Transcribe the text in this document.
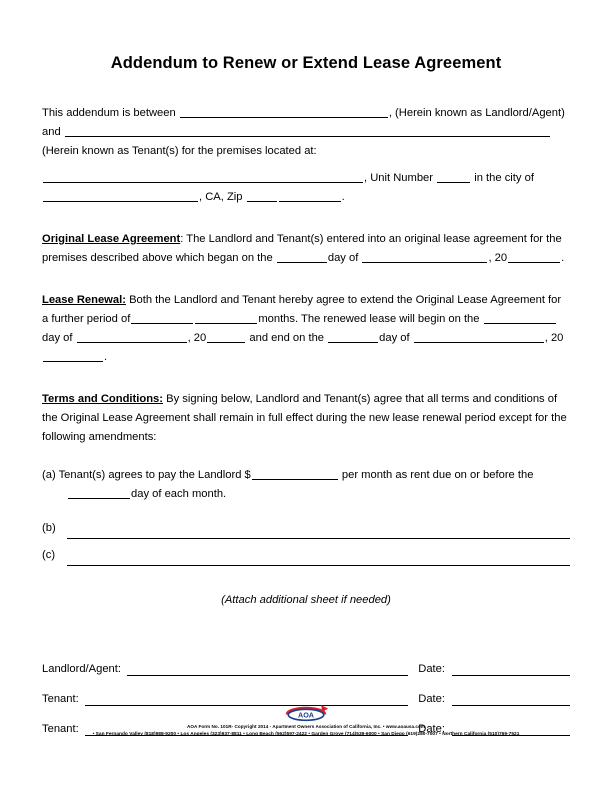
Addendum to Renew or Extend Lease Agreement

This addendum is between	, (Herein known as Landlord/Agent)

and

(Herein known as Tenant(s) for the premises located at:

, Unit Number	in the city of

, CA, Zip	.

Original Lease Agreement: The Landlord and Tenant(s) entered into an original lease agreement for the premises described above which began on the	day of	, 20	.

Lease Renewal: Both the Landlord and Tenant hereby agree to extend the Original Lease Agreement for a further period of	months. The renewed lease will begin on the  day of	, 20	and end on the	day of	, 20.

Terms and Conditions: By signing below, Landlord and Tenant(s) agree that all terms and conditions of the Original Lease Agreement shall remain in full effect during the new lease renewal period except for the following amendments:

(a) Tenant(s) agrees to pay the Landlord $	per month as rent due on or before the
day of each month.

(b)
(c)

(Attach additional sheet if needed)

Landlord/Agent:	Date:
Tenant:	Date:
Tenant:	Date:
AOA
AOA Form No. 101R- Copyright 2014 - Apartment Owners Association of California, Inc. • www.aoausa.com
• San Fernando Valley (818)988-9200 • Los Angeles (323)937-8811 • Long Beach (562)597-2422 • Garden Grove (714)539-6000 • San Diego (619)280-7007 • Northern California (510)769-7521
